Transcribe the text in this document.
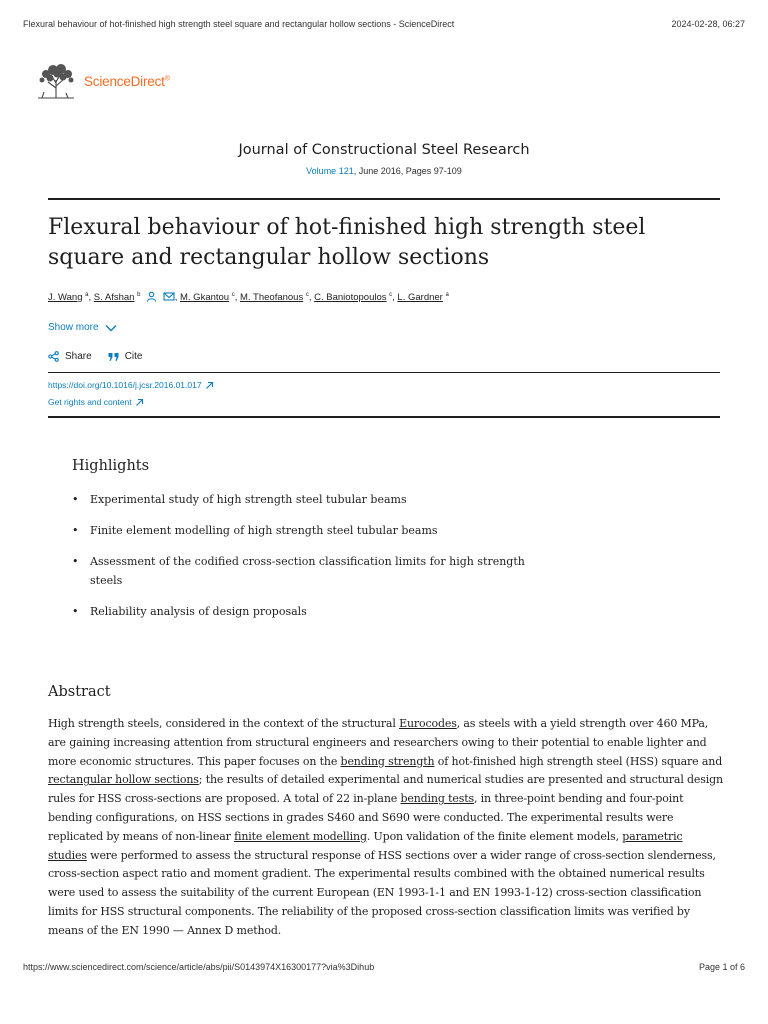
Flexural behaviour of hot-finished high strength steel square and rectangular hollow sections - ScienceDirect	2024-02-28, 06:27
ScienceDirect®
Journal of Constructional Steel Research
Volume 121, June 2016, Pages 97-109
Flexural behaviour of hot-finished high strength steel square and rectangular hollow sections
J. Wang $^a$, S. Afshan $^b$	, M. Gkantou $^c$, M. Theofanous $^c$, C. Baniotopoulos $^c$, L. Gardner $^a$
Show more
Share	Cite
https://doi.org/10.1016/j.jcsr.2016.01.017
Get rights and content
Highlights
• Experimental study of high strength steel tubular beams
• Finite element modelling of high strength steel tubular beams
• Assessment of the codified cross-section classification limits for high strength steels
• Reliability analysis of design proposals
Abstract

High strength steels, considered in the context of the structural Eurocodes, as steels with a yield strength over 460 MPa, are gaining increasing attention from structural engineers and researchers owing to their potential to enable lighter and more economic structures. This paper focuses on the bending strength of hot-finished high strength steel (HSS) square and rectangular hollow sections; the results of detailed experimental and numerical studies are presented and structural design rules for HSS cross-sections are proposed. A total of 22 in-plane bending tests, in three-point bending and four-point bending configurations, on HSS sections in grades S460 and S690 were conducted. The experimental results were replicated by means of non-linear finite element modelling. Upon validation of the finite element models, parametric studies were performed to assess the structural response of HSS sections over a wider range of cross-section slenderness, cross-section aspect ratio and moment gradient. The experimental results combined with the obtained numerical results were used to assess the suitability of the current European (EN 1993-1-1 and EN 1993-1-12) cross-section classification limits for HSS structural components. The reliability of the proposed cross-section classification limits was verified by means of the EN 1990 — Annex D method.

https://www.sciencedirect.com/science/article/abs/pii/S0143974X16300177?via%3Dihub	Page 1 of 6
